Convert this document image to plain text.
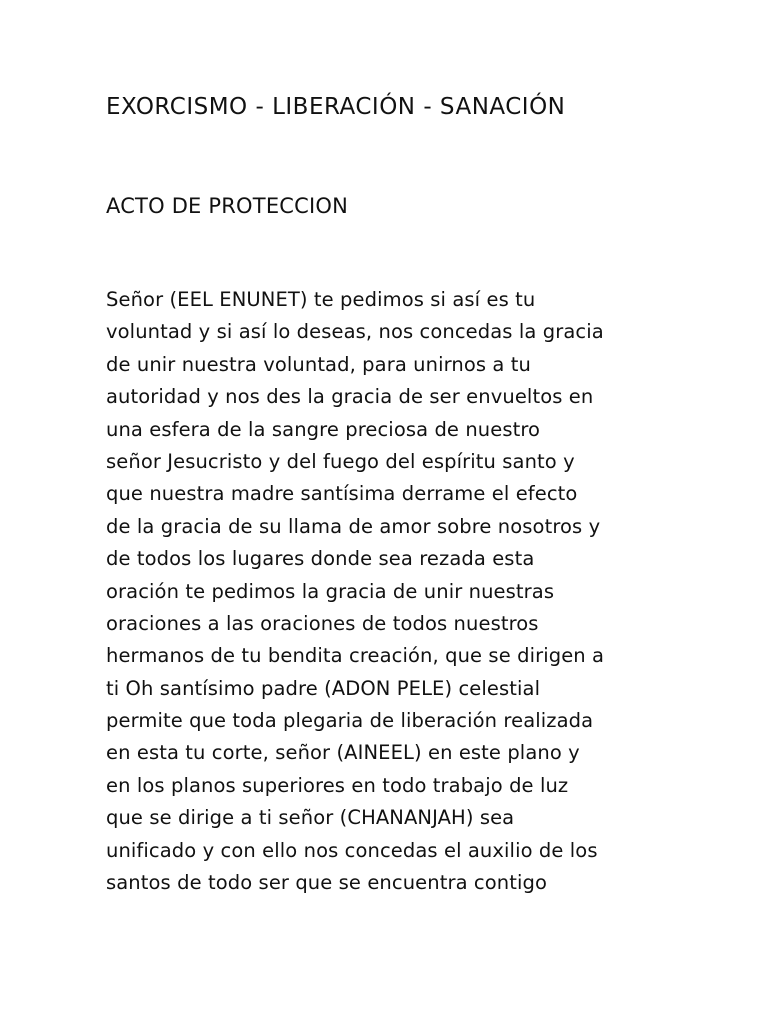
EXORCISMO - LIBERACIÓN - SANACIÓN
ACTO DE PROTECCION
Señor (EEL ENUNET) te pedimos si así es tu
voluntad y si así lo deseas, nos concedas la gracia
de unir nuestra voluntad, para unirnos a tu
autoridad y nos des la gracia de ser envueltos en
una esfera de la sangre preciosa de nuestro
señor Jesucristo y del fuego del espíritu santo y
que nuestra madre santísima derrame el efecto
de la gracia de su llama de amor sobre nosotros y
de todos los lugares donde sea rezada esta
oración te pedimos la gracia de unir nuestras
oraciones a las oraciones de todos nuestros
hermanos de tu bendita creación, que se dirigen a
ti Oh santísimo padre (ADON PELE) celestial
permite que toda plegaria de liberación realizada
en esta tu corte, señor (AINEEL) en este plano y
en los planos superiores en todo trabajo de luz
que se dirige a ti señor (CHANANJAH) sea
unificado y con ello nos concedas el auxilio de los
santos de todo ser que se encuentra contigo
